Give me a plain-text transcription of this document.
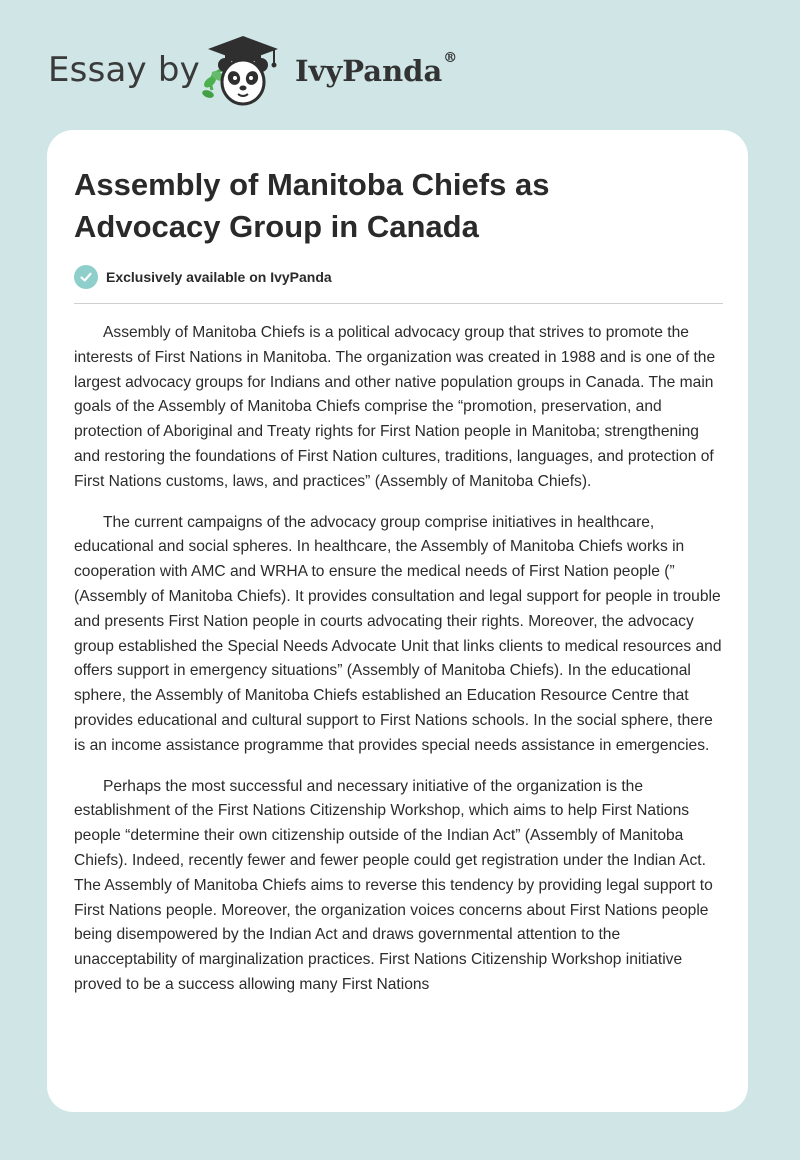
Essay by	IvyPanda®
Assembly of Manitoba Chiefs as Advocacy Group in Canada
Exclusively available on IvyPanda

Assembly of Manitoba Chiefs is a political advocacy group that strives to promote the interests of First Nations in Manitoba. The organization was created in 1988 and is one of the largest advocacy groups for Indians and other native population groups in Canada. The main goals of the Assembly of Manitoba Chiefs comprise the “promotion, preservation, and protection of Aboriginal and Treaty rights for First Nation people in Manitoba; strengthening and restoring the foundations of First Nation cultures, traditions, languages, and protection of First Nations customs, laws, and practices” (Assembly of Manitoba Chiefs).

The current campaigns of the advocacy group comprise initiatives in healthcare, educational and social spheres. In healthcare, the Assembly of Manitoba Chiefs works in cooperation with AMC and WRHA to ensure the medical needs of First Nation people (” (Assembly of Manitoba Chiefs). It provides consultation and legal support for people in trouble and presents First Nation people in courts advocating their rights. Moreover, the advocacy group established the Special Needs Advocate Unit that links clients to medical resources and offers support in emergency situations” (Assembly of Manitoba Chiefs). In the educational sphere, the Assembly of Manitoba Chiefs established an Education Resource Centre that provides educational and cultural support to First Nations schools. In the social sphere, there is an income assistance programme that provides special needs assistance in emergencies.

Perhaps the most successful and necessary initiative of the organization is the establishment of the First Nations Citizenship Workshop, which aims to help First Nations people “determine their own citizenship outside of the Indian Act” (Assembly of Manitoba Chiefs). Indeed, recently fewer and fewer people could get registration under the Indian Act. The Assembly of Manitoba Chiefs aims to reverse this tendency by providing legal support to First Nations people. Moreover, the organization voices concerns about First Nations people being disempowered by the Indian Act and draws governmental attention to the unacceptability of marginalization practices. First Nations Citizenship Workshop initiative proved to be a success allowing many First Nations
